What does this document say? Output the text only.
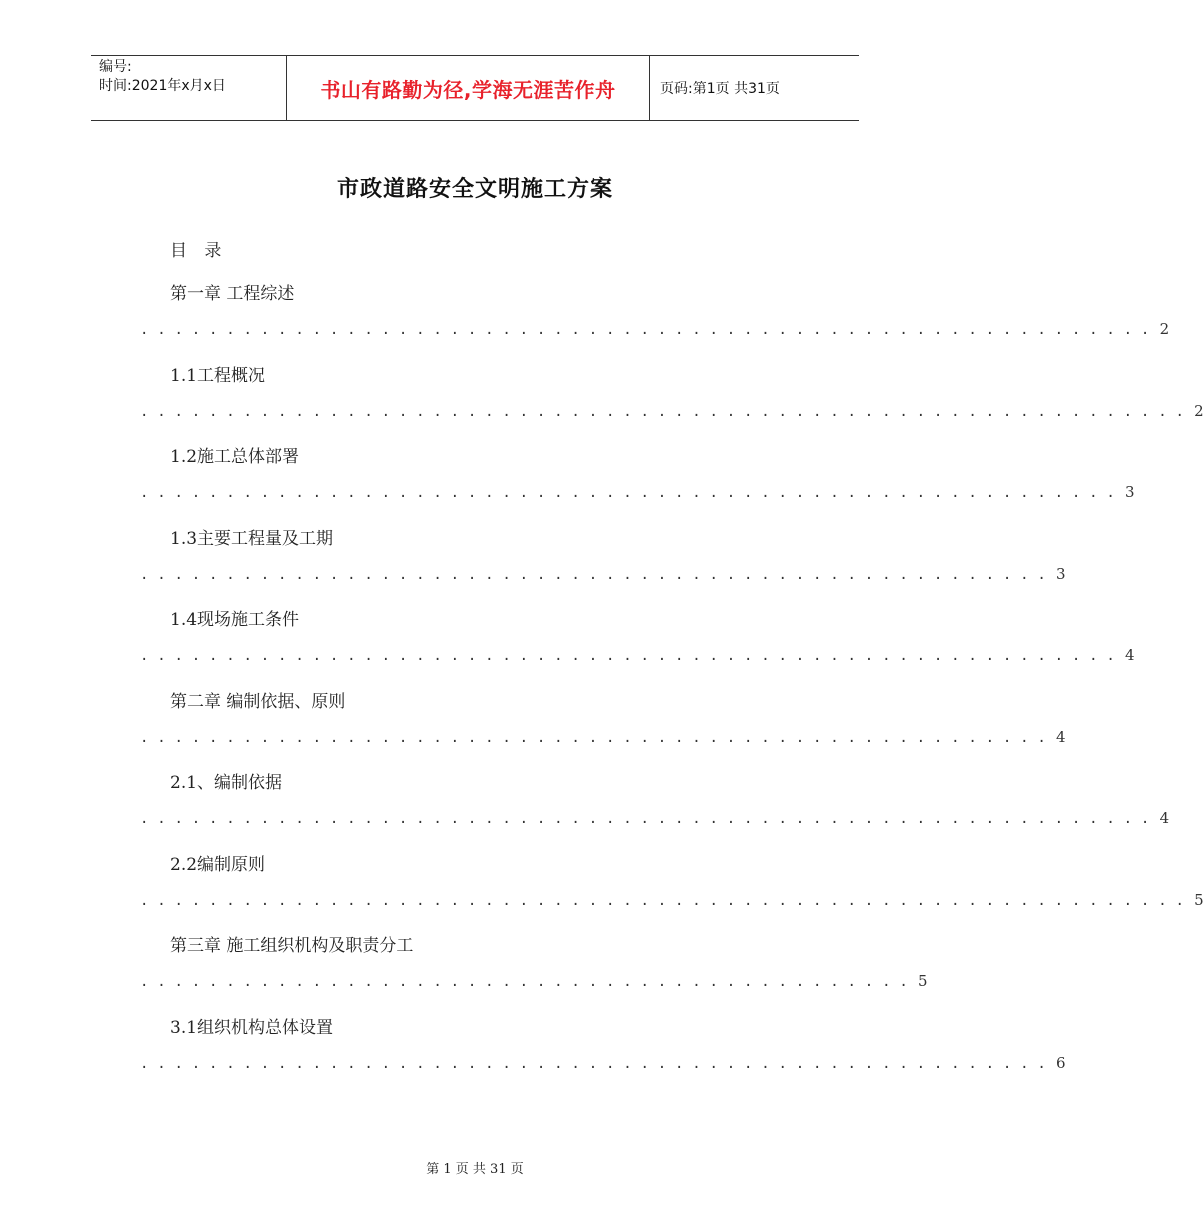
编号:
时间:2021年x月x日	书山有路勤为径,学海无涯苦作舟	页码:第1页 共31页
市政道路安全文明施工方案
目 录
第一章 工程综述
. . . . . . . . . . . . . . . . . . . . . . . . . . . . . . . . . . . . . . . . . . . . . . . . . . . . . . . . . . . 2
1.1工程概况
. . . . . . . . . . . . . . . . . . . . . . . . . . . . . . . . . . . . . . . . . . . . . . . . . . . . . . . . . . . . . 2
1.2施工总体部署
. . . . . . . . . . . . . . . . . . . . . . . . . . . . . . . . . . . . . . . . . . . . . . . . . . . . . . . . . 3
1.3主要工程量及工期
. . . . . . . . . . . . . . . . . . . . . . . . . . . . . . . . . . . . . . . . . . . . . . . . . . . . . 3
1.4现场施工条件
. . . . . . . . . . . . . . . . . . . . . . . . . . . . . . . . . . . . . . . . . . . . . . . . . . . . . . . . . 4
第二章 编制依据、原则
. . . . . . . . . . . . . . . . . . . . . . . . . . . . . . . . . . . . . . . . . . . . . . . . . . . . . 4
2.1、编制依据
. . . . . . . . . . . . . . . . . . . . . . . . . . . . . . . . . . . . . . . . . . . . . . . . . . . . . . . . . . . 4
2.2编制原则
. . . . . . . . . . . . . . . . . . . . . . . . . . . . . . . . . . . . . . . . . . . . . . . . . . . . . . . . . . . . . 5
第三章 施工组织机构及职责分工
. . . . . . . . . . . . . . . . . . . . . . . . . . . . . . . . . . . . . . . . . . . . . 5
3.1组织机构总体设置
. . . . . . . . . . . . . . . . . . . . . . . . . . . . . . . . . . . . . . . . . . . . . . . . . . . . . 6
第 1 页 共 31 页
